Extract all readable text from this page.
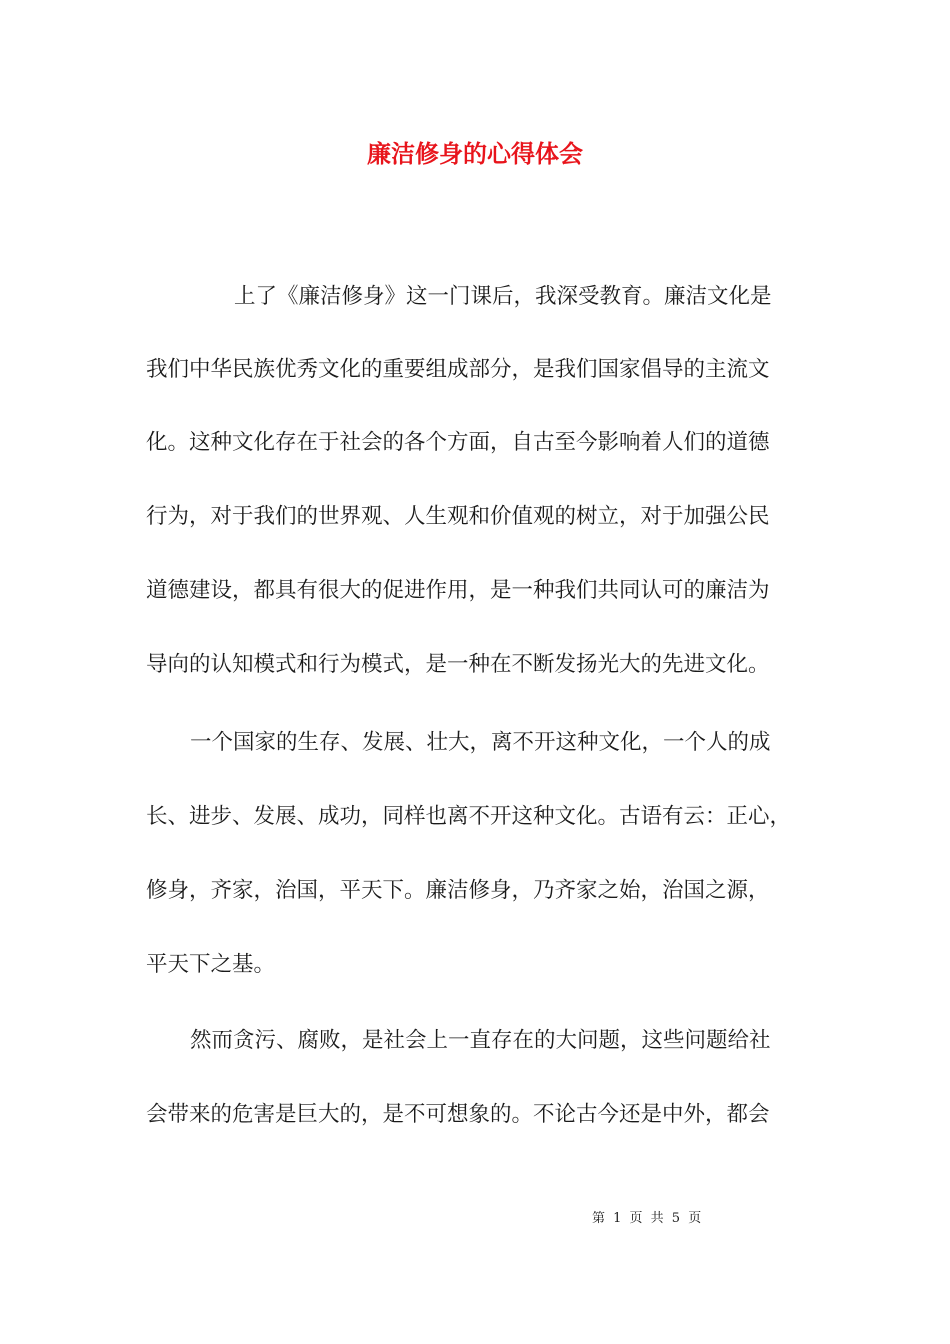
廉洁修身的心得体会

上了《廉洁修身》这一门课后，我深受教育。廉洁文化是

我们中华民族优秀文化的重要组成部分，是我们国家倡导的主流文

化。这种文化存在于社会的各个方面，自古至今影响着人们的道德

行为，对于我们的世界观、人生观和价值观的树立，对于加强公民

道德建设，都具有很大的促进作用，是一种我们共同认可的廉洁为

导向的认知模式和行为模式，是一种在不断发扬光大的先进文化。

一个国家的生存、发展、壮大，离不开这种文化，一个人的成

长、进步、发展、成功，同样也离不开这种文化。古语有云：正心，

修身，齐家，治国，平天下。廉洁修身，乃齐家之始，治国之源，

平天下之基。

然而贪污、腐败，是社会上一直存在的大问题，这些问题给社

会带来的危害是巨大的，是不可想象的。不论古今还是中外，都会

第 1 页 共 5 页
